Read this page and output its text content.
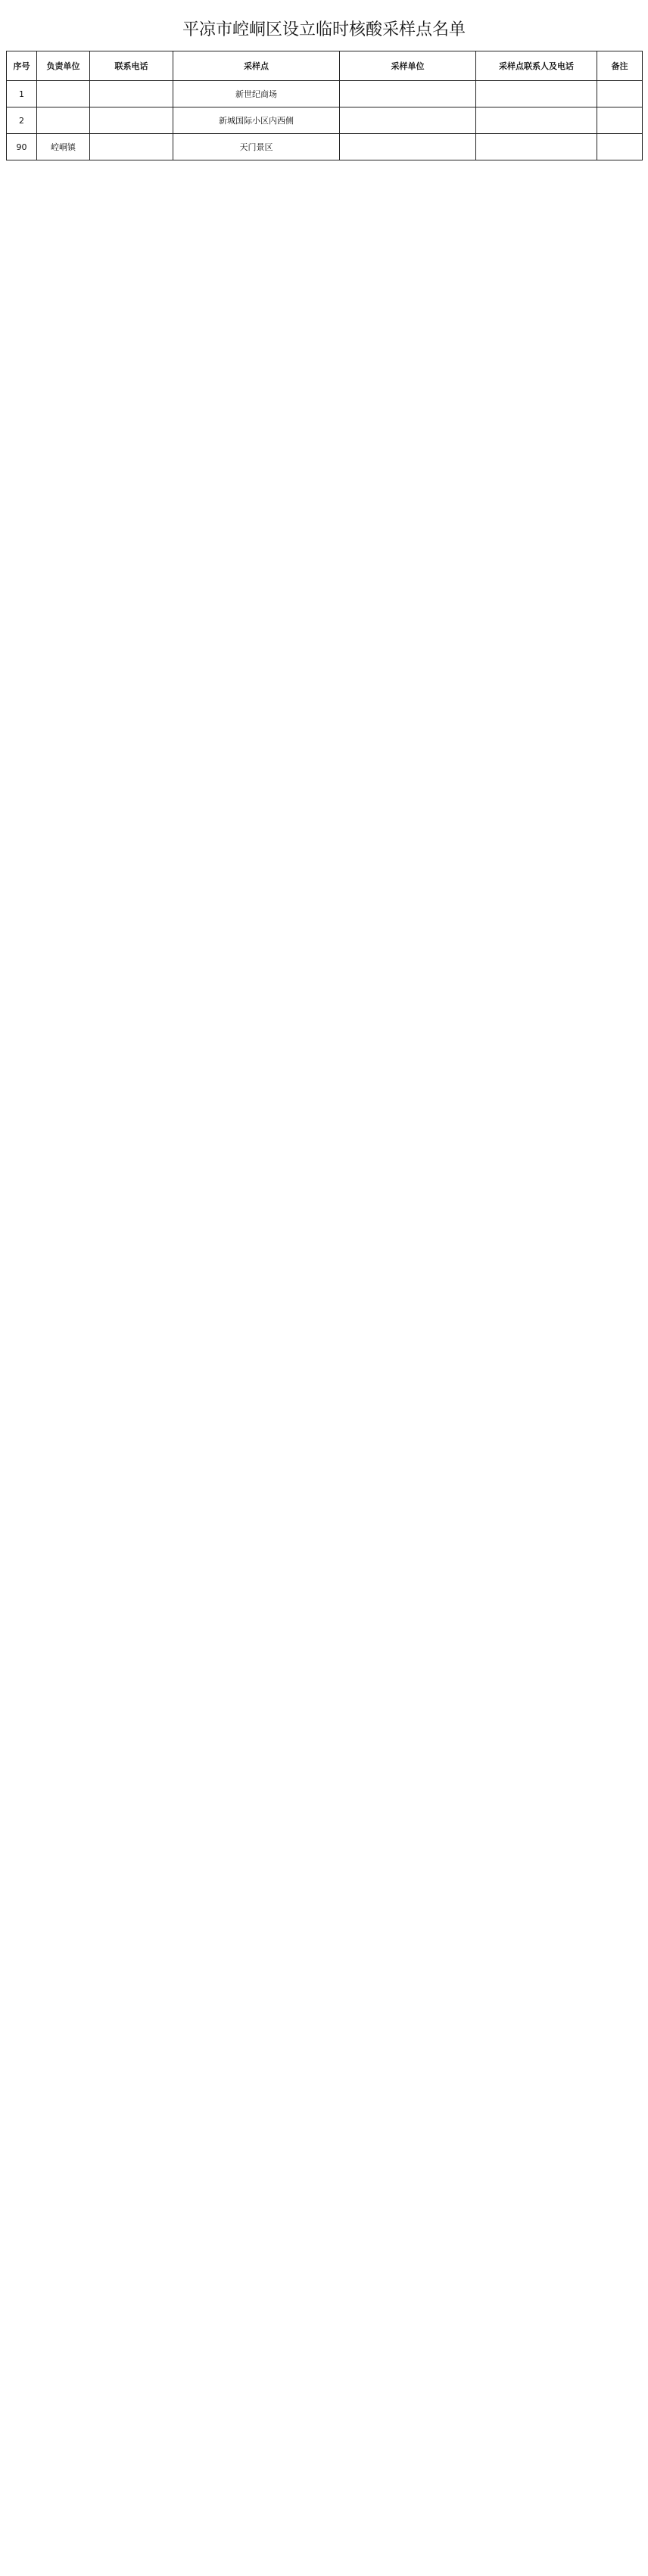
平凉市崆峒区设立临时核酸采样点名单
序号	负责单位	联系电话	采样点	采样单位	采样点联系人及电话	备注
1			新世纪商场			
2			新城国际小区内西侧			
90	崆峒镇		天门景区			
